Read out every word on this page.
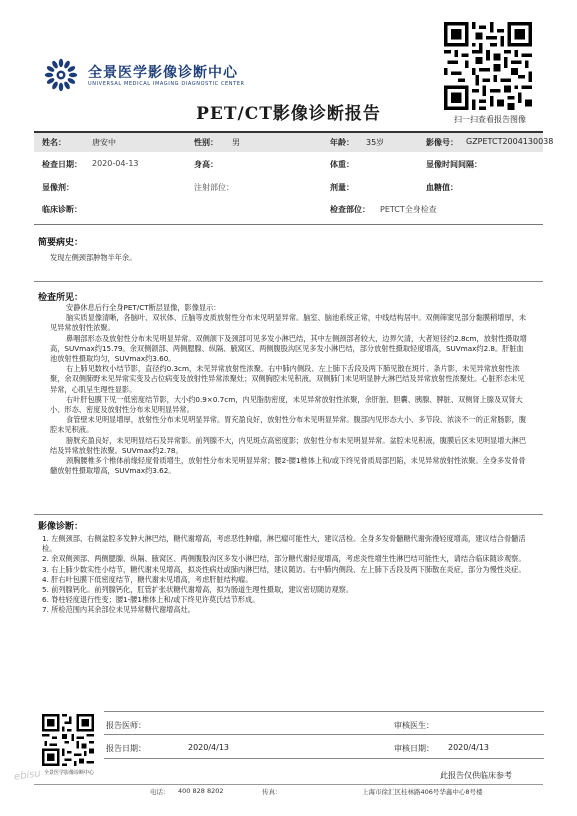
全景医学影像诊断中心
UNIVERSAL MEDICAL IMAGING DIAGNOSTIC CENTER
扫一扫查看报告图像
PET/CT影像诊断报告
姓名：	唐安中	性别： 男	年龄： 35岁	影像号： GZPETCT2004130038
检查日期： 2020-04-13	身高：	体重：	显像时间间隔：
显像剂：	注射部位：	剂量：	血糖值：
临床诊断：	检查部位： PETCT全身检查
简要病史：
发现左侧颈部肿物半年余。
检查所见：

安静休息后行全身PET/CT断层显像，影像显示：

脑实质显像清晰，各脑叶、双状体、丘脑等皮质放射性分布未见明显异常。脑室、脑池系统正常，中线结构居中。双侧筛窦见部分黏膜稍增厚，未见异常放射性浓聚。

鼻咽部形态及放射性分布未见明显异常。双侧颌下及颈部可见多发小淋巴结，其中左侧颈部者较大，边界欠清，大者短径约2.8cm，放射性摄取增高，SUVmax约15.79。余双侧颌部、两侧腮腺、纵隔、腋窝区、两侧腹股沟区见多发小淋巴结，部分放射性摄取轻度增高，SUVmax约2.8。肝脏血池放射性摄取均匀，SUVmax约3.60。

右上肺见数枚小结节影，直径约0.3cm，未见异常放射性浓聚。右中肺内侧段、左上肺下舌段及两下肺见散在斑片、条片影，未见异常放射性浓聚，余双侧肺野未见异常实变及占位病变及放射性异常浓聚灶；双侧胸腔未见积液。双侧肺门未见明显肿大淋巴结及异常放射性浓聚灶。心脏形态未见异常，心肌呈生理性显影。

右叶肝包膜下见一低密度结节影，大小约0.9×0.7cm，内见脂肪密度，未见异常放射性浓聚，余肝脏、胆囊、胰腺、脾脏、双侧肾上腺及双肾大小、形态、密度及放射性分布未见明显异常。

食管壁未见明显增厚，放射性分布未见明显异常。胃充盈良好，放射性分布未见明显异常。腹部内见形态大小、多节段、浓淡不一的正常肠影，腹腔未见积液。

膀胱充盈良好，未见明显结石及异常影。前列腺不大，内见斑点高密度影；放射性分布未见明显异常。盆腔未见积液，腹膜后区未见明显增大淋巴结及异常放射性浓聚。SUVmax约2.78。

颈胸腰椎多个椎体前缘轻度骨质增生，放射性分布未见明显异常；腰2-腰1椎体上和/或下终见骨质局部凹陷，未见异常放射性浓聚。全身多发骨骨髓放射性摄取增高，SUVmax约3.62。

影像诊断：

1. 左侧颈部、右侧盆腔多发肿大淋巴结，糖代谢增高，考虑恶性肿瘤，淋巴瘤可能性大，建议活检。全身多发骨髓糖代谢弥漫轻度增高，建议结合骨髓活检。

2. 余双侧颈部、两侧腮腺、纵隔、腋窝区、两侧腹股沟区多发小淋巴结，部分糖代谢轻度增高，考虑炎性增生性淋巴结可能性大，请结合临床随诊观察。

3. 右上肺少数实性小结节，糖代谢未见增高，拟炎性病灶或肺内淋巴结，建议随访。右中肺内侧段、左上肺下舌段及两下肺散在炎症，部分为慢性炎症。

4. 肝右叶包膜下低密度结节，糖代谢未见增高，考虑肝脏结构瘤。

5. 前列腺钙化。前列腺钙化，肛管扩张状糖代谢增高，拟为肠道生理性摄取，建议密切随访观察。

6. 脊柱轻度退行性变；腰1-腰1椎体上和/或下终见许莫氏结节形成。

7. 所检范围内其余部位未见异常糖代谢增高灶。

全景医学影像诊断中心
报告医师：	审核医生：
报告日期：	2020/4/13	审核日期： 2020/4/13
此报告仅供临床参考
电话： 400 828 8202	传真：	上海市徐汇区桂林路406号华鑫中心8号楼
ebisu
